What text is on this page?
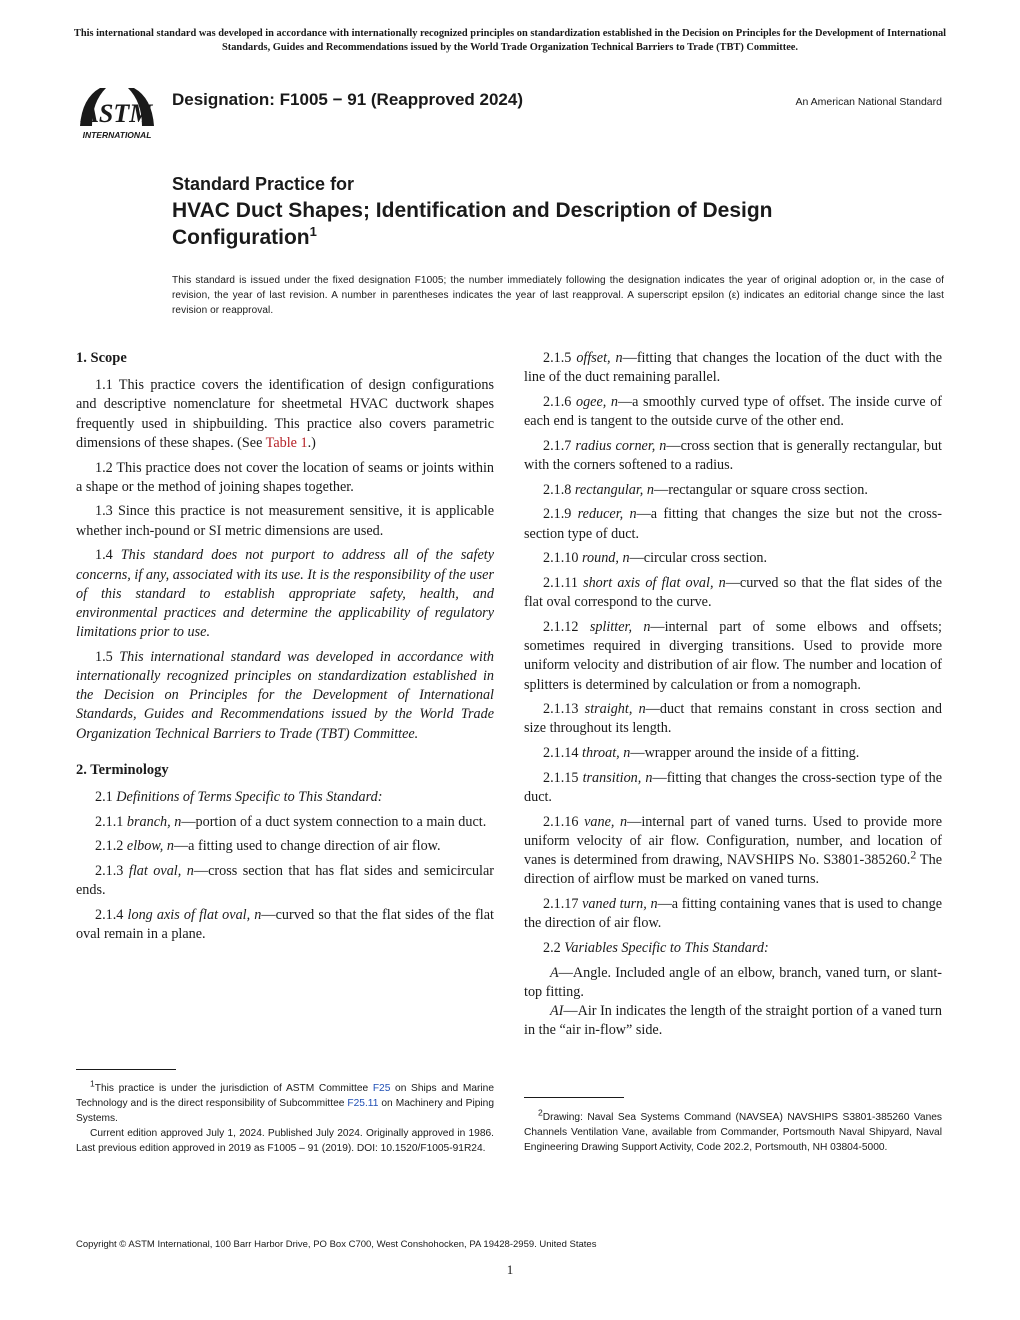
This international standard was developed in accordance with internationally recognized principles on standardization established in the Decision on Principles for the Development of International Standards, Guides and Recommendations issued by the World Trade Organization Technical Barriers to Trade (TBT) Committee.
ASTM
INTERNATIONAL
Designation: F1005 − 91 (Reapproved 2024)	An American National Standard
Standard Practice for
HVAC Duct Shapes; Identification and Description of Design Configuration$^1$
This standard is issued under the fixed designation F1005; the number immediately following the designation indicates the year of original adoption or, in the case of revision, the year of last revision. A number in parentheses indicates the year of last reapproval. A superscript epsilon (ε) indicates an editorial change since the last revision or reapproval.
1. Scope

1.1 This practice covers the identification of design configurations and descriptive nomenclature for sheetmetal HVAC ductwork shapes frequently used in shipbuilding. This practice also covers parametric dimensions of these shapes. (See Table 1.)

1.2 This practice does not cover the location of seams or joints within a shape or the method of joining shapes together.

1.3 Since this practice is not measurement sensitive, it is applicable whether inch-pound or SI metric dimensions are used.

1.4 This standard does not purport to address all of the safety concerns, if any, associated with its use. It is the responsibility of the user of this standard to establish appropriate safety, health, and environmental practices and determine the applicability of regulatory limitations prior to use.

1.5 This international standard was developed in accordance with internationally recognized principles on standardization established in the Decision on Principles for the Development of International Standards, Guides and Recommendations issued by the World Trade Organization Technical Barriers to Trade (TBT) Committee.

2. Terminology

2.1 Definitions of Terms Specific to This Standard:

2.1.1 branch, n—portion of a duct system connection to a main duct.

2.1.2 elbow, n—a fitting used to change direction of air flow.

2.1.3 flat oval, n—cross section that has flat sides and semicircular ends.

2.1.4 long axis of flat oval, n—curved so that the flat sides of the flat oval remain in a plane.

2.1.5 offset, n—fitting that changes the location of the duct with the line of the duct remaining parallel.

2.1.6 ogee, n—a smoothly curved type of offset. The inside curve of each end is tangent to the outside curve of the other end.

2.1.7 radius corner, n—cross section that is generally rectangular, but with the corners softened to a radius.

2.1.8 rectangular, n—rectangular or square cross section.

2.1.9 reducer, n—a fitting that changes the size but not the cross-section type of duct.

2.1.10 round, n—circular cross section.

2.1.11 short axis of flat oval, n—curved so that the flat sides of the flat oval correspond to the curve.

2.1.12 splitter, n—internal part of some elbows and offsets; sometimes required in diverging transitions. Used to provide more uniform velocity and distribution of air flow. The number and location of splitters is determined by calculation or from a nomograph.

2.1.13 straight, n—duct that remains constant in cross section and size throughout its length.

2.1.14 throat, n—wrapper around the inside of a fitting.

2.1.15 transition, n—fitting that changes the cross-section type of the duct.

2.1.16 vane, n—internal part of vaned turns. Used to provide more uniform velocity of air flow. Configuration, number, and location of vanes is determined from drawing, NAVSHIPS No. S3801-385260.$^2$ The direction of airflow must be marked on vaned turns.

2.1.17 vaned turn, n—a fitting containing vanes that is used to change the direction of air flow.

2.2 Variables Specific to This Standard:

A—Angle. Included angle of an elbow, branch, vaned turn, or slant-top fitting.

AI—Air In indicates the length of the straight portion of a vaned turn in the “air in-flow” side.

$^1$This practice is under the jurisdiction of ASTM Committee F25 on Ships and Marine Technology and is the direct responsibility of Subcommittee F25.11 on Machinery and Piping Systems.

Current edition approved July 1, 2024. Published July 2024. Originally approved in 1986. Last previous edition approved in 2019 as F1005 – 91 (2019). DOI: 10.1520/F1005-91R24.

$^2$Drawing: Naval Sea Systems Command (NAVSEA) NAVSHIPS S3801-385260 Vanes Channels Ventilation Vane, available from Commander, Portsmouth Naval Shipyard, Naval Engineering Drawing Support Activity, Code 202.2, Portsmouth, NH 03804-5000.

Copyright © ASTM International, 100 Barr Harbor Drive, PO Box C700, West Conshohocken, PA 19428-2959. United States
1
